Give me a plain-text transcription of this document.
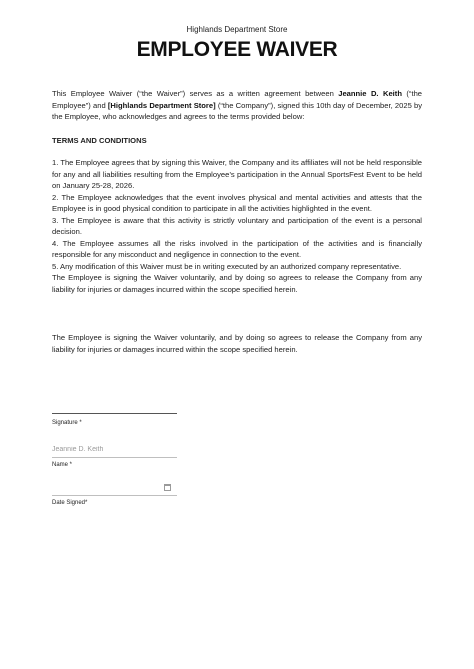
Highlands Department Store
EMPLOYEE WAIVER

This Employee Waiver (“the Waiver”) serves as a written agreement between Jeannie D. Keith (“the Employee”) and [Highlands Department Store] (“the Company”), signed this 10th day of December, 2025 by the Employee, who acknowledges and agrees to the terms provided below:

TERMS AND CONDITIONS

1. The Employee agrees that by signing this Waiver, the Company and its affiliates will not be held responsible for any and all liabilities resulting from the Employee’s participation in the Annual SportsFest Event to be held on January 25-28, 2026.

2. The Employee acknowledges that the event involves physical and mental activities and attests that the Employee is in good physical condition to participate in all the activities highlighted in the event.

3. The Employee is aware that this activity is strictly voluntary and participation of the event is a personal decision.

4. The Employee assumes all the risks involved in the participation of the activities and is financially responsible for any misconduct and negligence in connection to the event.

5. Any modification of this Waiver must be in writing executed by an authorized company representative.

The Employee is signing the Waiver voluntarily, and by doing so agrees to release the Company from any liability for injuries or damages incurred within the scope specified herein.

The Employee is signing the Waiver voluntarily, and by doing so agrees to release the Company from any liability for injuries or damages incurred within the scope specified herein.
Signature *
Jeannie D. Keith
Name *
Date Signed*
